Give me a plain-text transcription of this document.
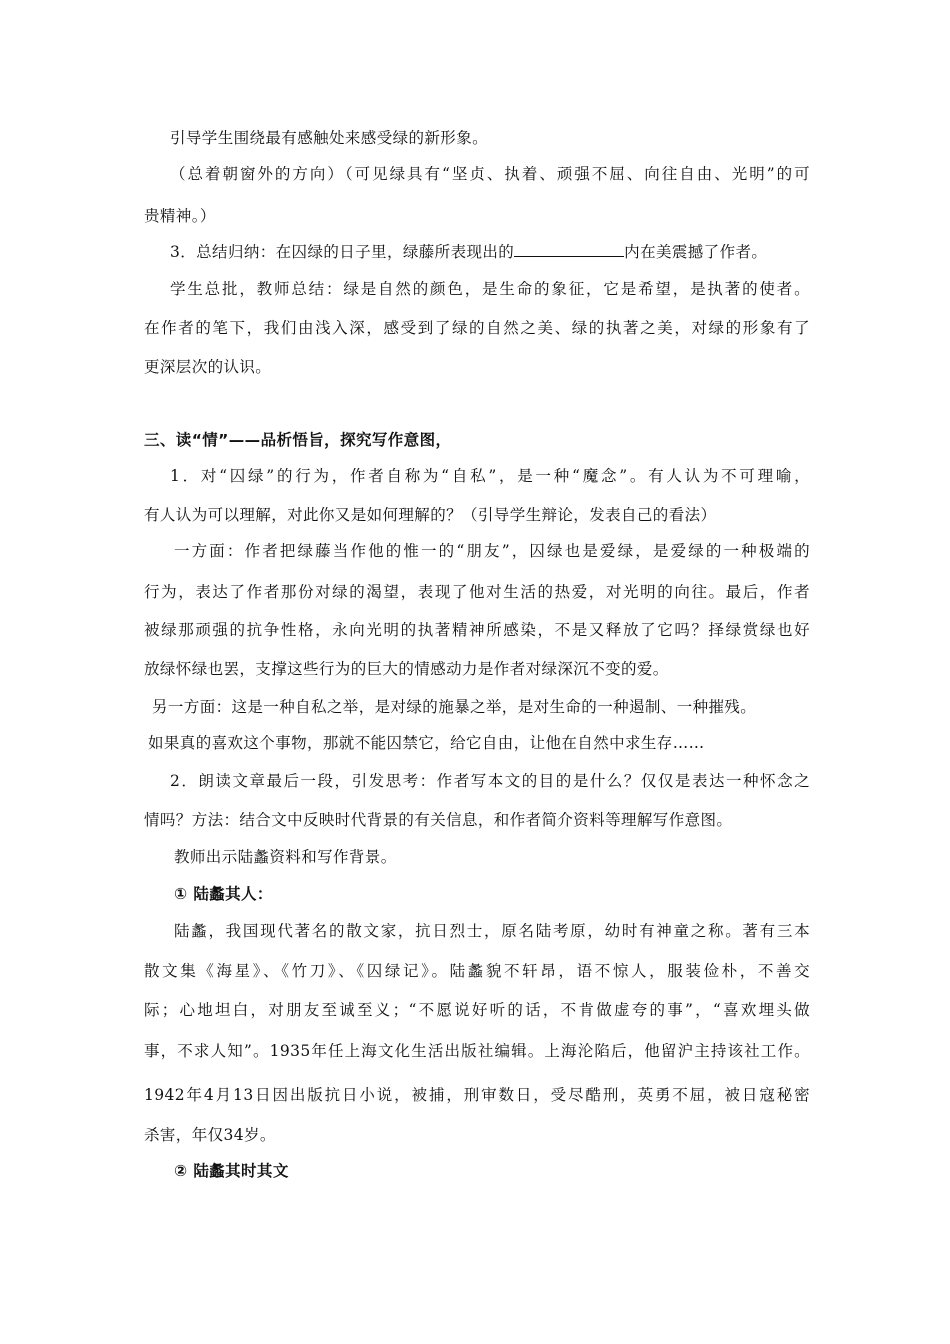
引导学生围绕最有感触处来感受绿的新形象。
（总着朝窗外的方向）（可见绿具有“坚贞、执着、顽强不屈、向往自由、光明”的可
贵精神。）
3．总结归纳：在囚绿的日子里，绿藤所表现出的	内在美震撼了作者。
学生总批，教师总结：绿是自然的颜色，是生命的象征，它是希望，是执著的使者。
在作者的笔下，我们由浅入深，感受到了绿的自然之美、绿的执著之美，对绿的形象有了
更深层次的认识。
三、读“情”——品析悟旨，探究写作意图，
1．对“囚绿”的行为，作者自称为“自私”，是一种“魔念”。有人认为不可理喻，
有人认为可以理解，对此你又是如何理解的？（引导学生辩论，发表自己的看法）
一方面：作者把绿藤当作他的惟一的“朋友”，囚绿也是爱绿，是爱绿的一种极端的
行为，表达了作者那份对绿的渴望，表现了他对生活的热爱，对光明的向往。最后，作者
被绿那顽强的抗争性格，永向光明的执著精神所感染，不是又释放了它吗？择绿赏绿也好
放绿怀绿也罢，支撑这些行为的巨大的情感动力是作者对绿深沉不变的爱。
另一方面：这是一种自私之举，是对绿的施暴之举，是对生命的一种遏制、一种摧残。
如果真的喜欢这个事物，那就不能囚禁它，给它自由，让他在自然中求生存……
2．朗读文章最后一段，引发思考：作者写本文的目的是什么？仅仅是表达一种怀念之
情吗？方法：结合文中反映时代背景的有关信息，和作者简介资料等理解写作意图。
教师出示陆蠡资料和写作背景。
① 陆蠡其人：
陆蠡，我国现代著名的散文家，抗日烈士，原名陆考原，幼时有神童之称。著有三本
散文集《海星》、《竹刀》、《囚绿记》。陆蠡貌不轩昂，语不惊人，服装俭朴，不善交
际；心地坦白，对朋友至诚至义；“不愿说好听的话，不肯做虚夸的事”，“喜欢埋头做
事，不求人知”。1935年任上海文化生活出版社编辑。上海沦陷后，他留沪主持该社工作。
1942年4月13日因出版抗日小说，被捕，刑审数日，受尽酷刑，英勇不屈，被日寇秘密
杀害，年仅34岁。
② 陆蠡其时其文
